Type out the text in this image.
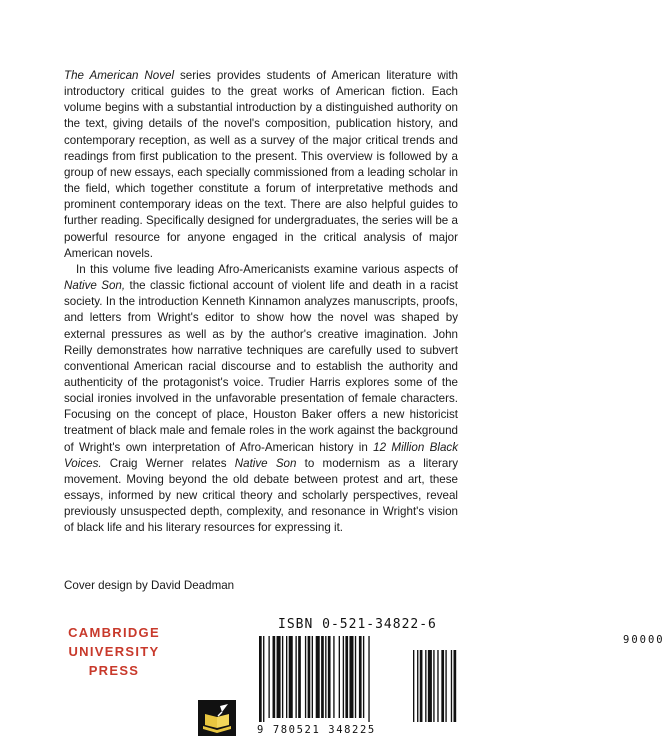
The American Novel series provides students of American literature with introductory critical guides to the great works of American fiction. Each volume begins with a substantial introduction by a distinguished authority on the text, giving details of the novel's composition, publication history, and contemporary reception, as well as a survey of the major critical trends and readings from first publication to the present. This overview is followed by a group of new essays, each specially commissioned from a leading scholar in the field, which together constitute a forum of interpretative methods and prominent contemporary ideas on the text. There are also helpful guides to further reading. Specifically designed for undergraduates, the series will be a powerful resource for anyone engaged in the critical analysis of major American novels.

In this volume five leading Afro-Americanists examine various aspects of Native Son, the classic fictional account of violent life and death in a racist society. In the introduction Kenneth Kinnamon analyzes manuscripts, proofs, and letters from Wright's editor to show how the novel was shaped by external pressures as well as by the author's creative imagination. John Reilly demonstrates how narrative techniques are carefully used to subvert conventional American racial discourse and to establish the authority and authenticity of the protagonist's voice. Trudier Harris explores some of the social ironies involved in the unfavorable presentation of female characters. Focusing on the concept of place, Houston Baker offers a new historicist treatment of black male and female roles in the work against the background of Wright's own interpretation of Afro-American history in 12 Million Black Voices. Craig Werner relates Native Son to modernism as a literary movement. Moving beyond the old debate between protest and art, these essays, informed by new critical theory and scholarly perspectives, reveal previously unsuspected depth, complexity, and resonance in Wright's vision of black life and his literary resources for expressing it.

Cover design by David Deadman
CAMBRIDGE
UNIVERSITY
PRESS
ISBN 0-521-34822-6
90000
9 780521 348225
